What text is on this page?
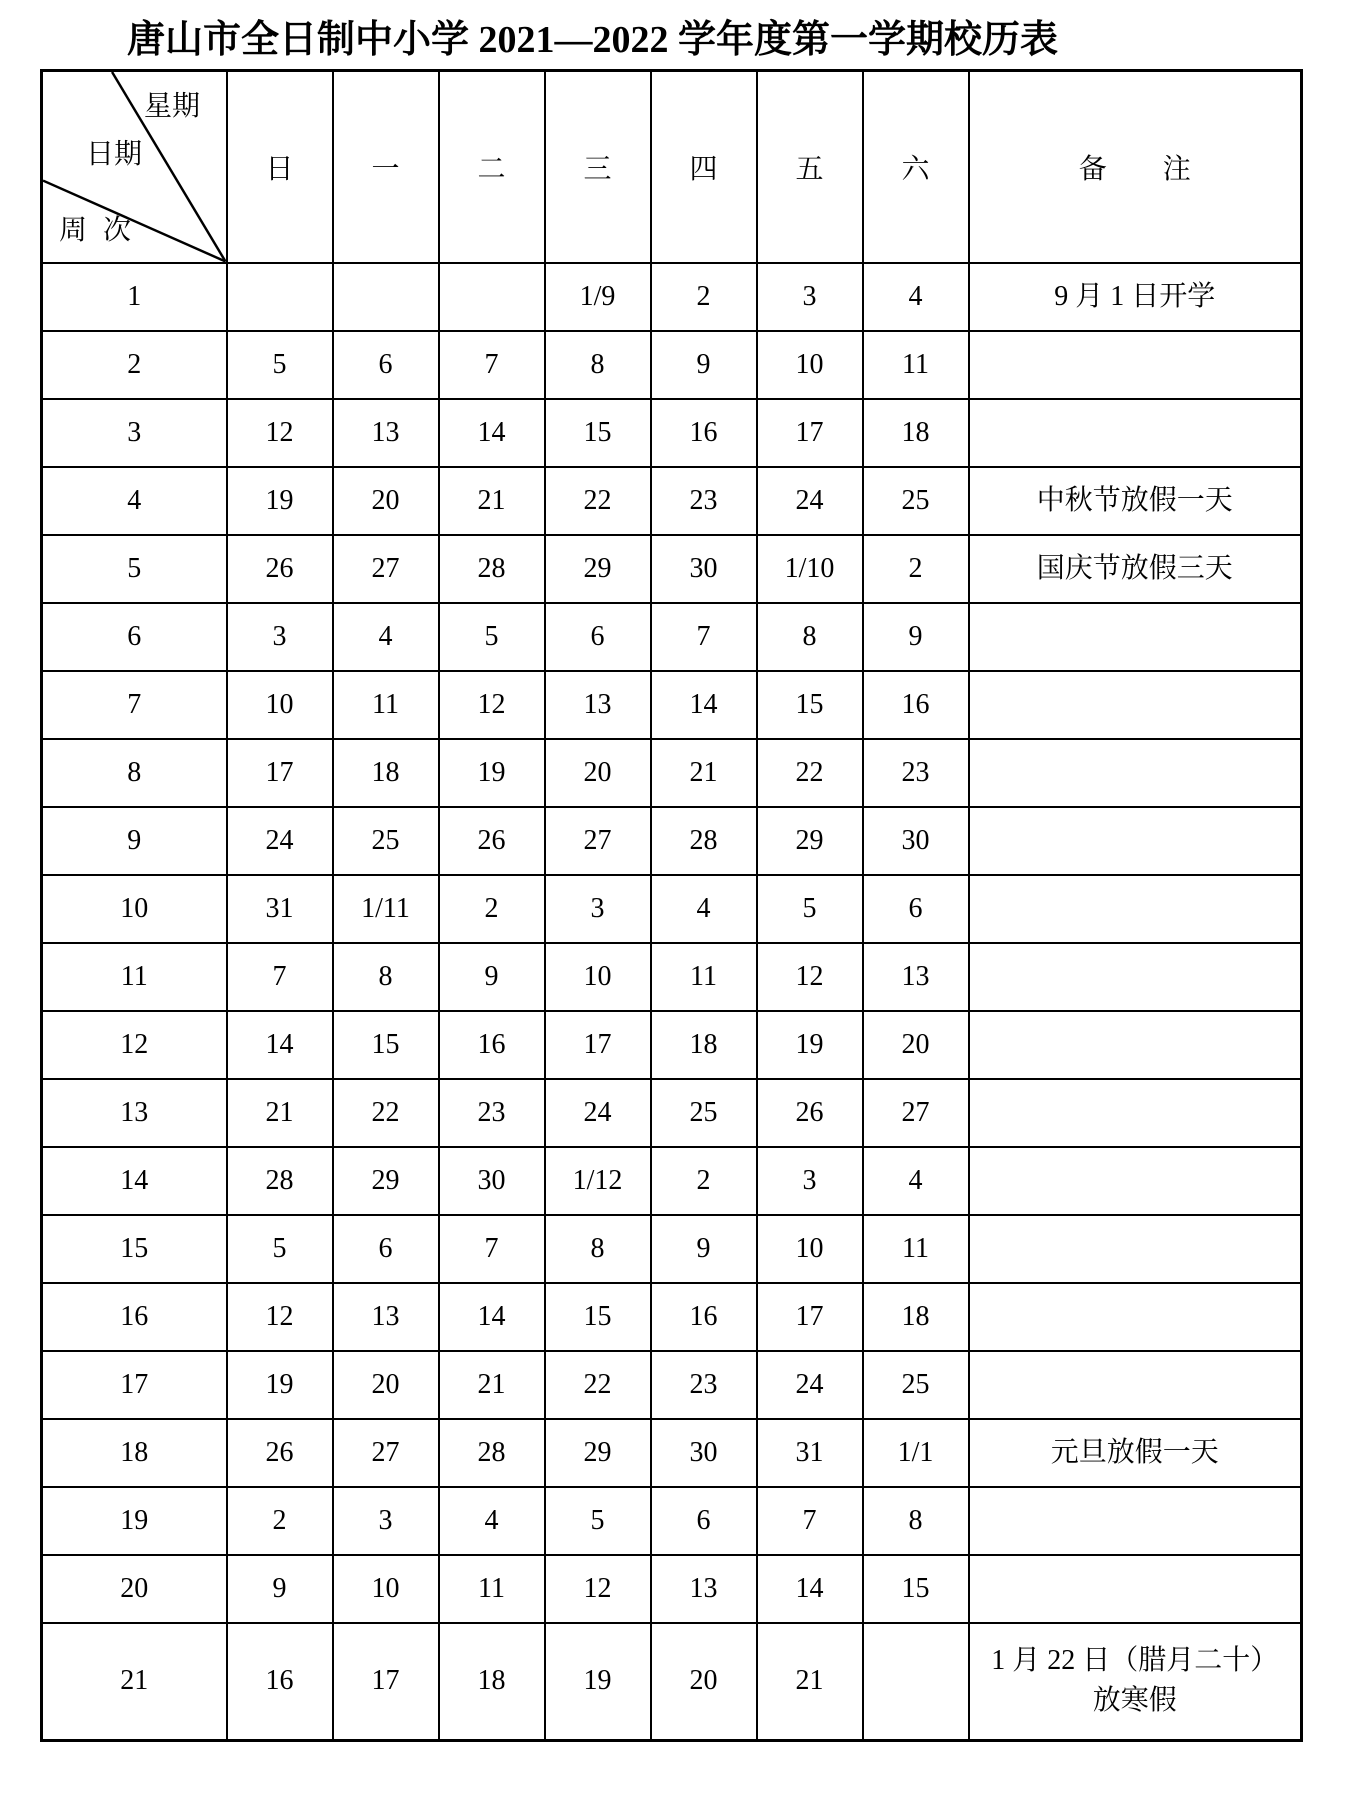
唐山市全日制中小学 2021—2022 学年度第一学期校历表
星期
日期
周次	日	一	二	三	四	五	六	备　　注
1				1/9	2	3	4	9 月 1 日开学

2	5	6	7	8	9	10	11	
3	12	13	14	15	16	17	18	
4	19	20	21	22	23	24	25	中秋节放假一天

5	26	27	28	29	30	1/10	2	国庆节放假三天

6	3	4	5	6	7	8	9	
7	10	11	12	13	14	15	16	
8	17	18	19	20	21	22	23	
9	24	25	26	27	28	29	30	
10	31	1/11	2	3	4	5	6	
11	7	8	9	10	11	12	13	
12	14	15	16	17	18	19	20	
13	21	22	23	24	25	26	27	
14	28	29	30	1/12	2	3	4	
15	5	6	7	8	9	10	11	
16	12	13	14	15	16	17	18	
17	19	20	21	22	23	24	25	
18	26	27	28	29	30	31	1/1	元旦放假一天

19	2	3	4	5	6	7	8	
20	9	10	11	12	13	14	15	
21	16	17	18	19	20	21		1 月 22 日（腊月二十）
放寒假
